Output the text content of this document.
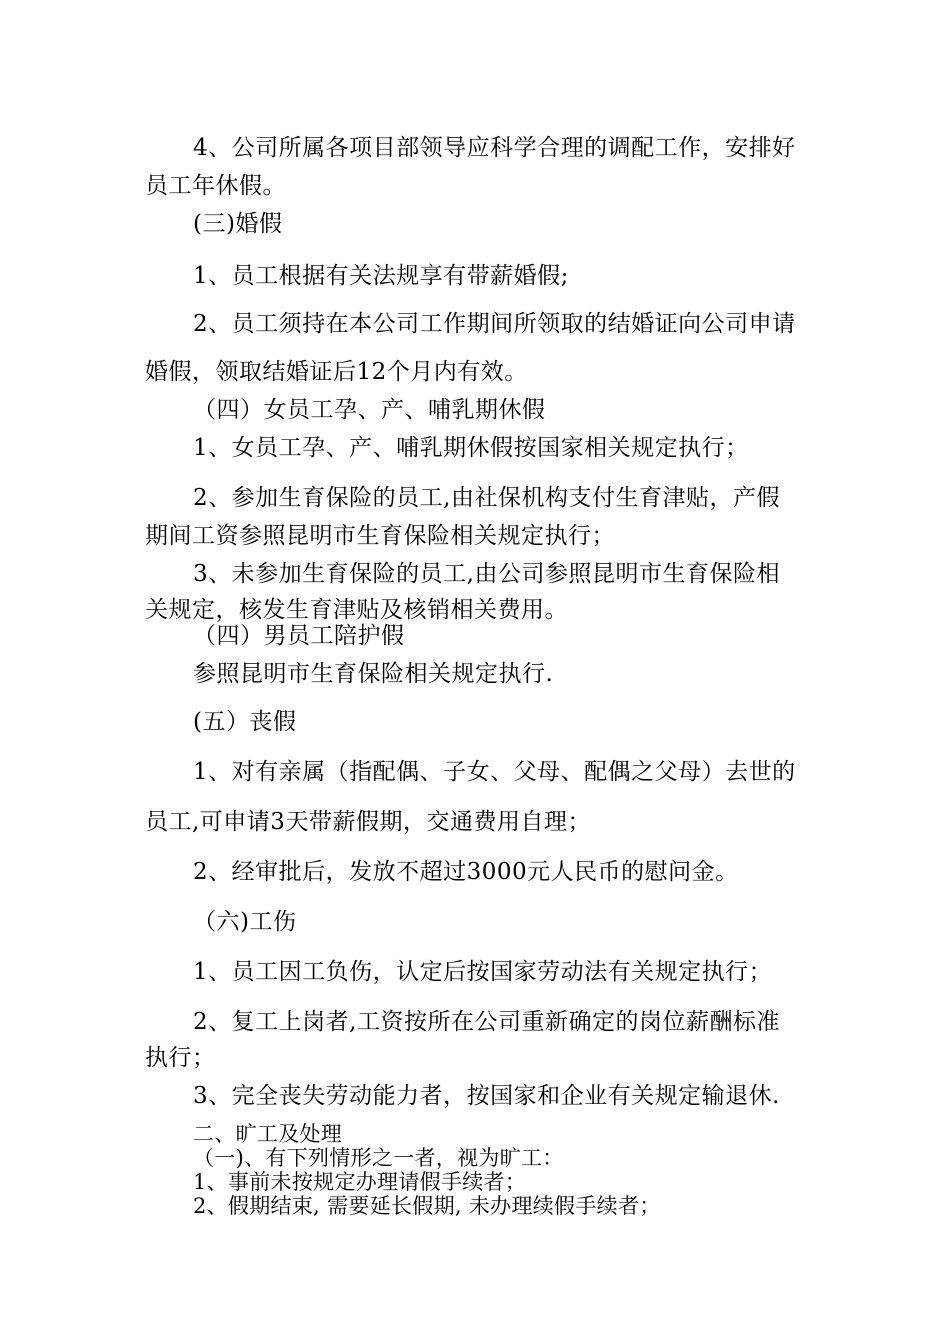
4、公司所属各项目部领导应科学合理的调配工作，安排好
员工年休假。
(三)婚假
1、员工根据有关法规享有带薪婚假;
2、员工须持在本公司工作期间所领取的结婚证向公司申请
婚假，领取结婚证后12个月内有效。
（四）女员工孕、产、哺乳期休假
1、女员工孕、产、哺乳期休假按国家相关规定执行；
2、参加生育保险的员工,由社保机构支付生育津贴，产假
期间工资参照昆明市生育保险相关规定执行；
3、未参加生育保险的员工,由公司参照昆明市生育保险相
关规定，核发生育津贴及核销相关费用。
（四）男员工陪护假
参照昆明市生育保险相关规定执行.
(五）丧假
1、对有亲属（指配偶、子女、父母、配偶之父母）去世的
员工,可申请3天带薪假期，交通费用自理；
2、经审批后，发放不超过3000元人民币的慰问金。
（六)工伤
1、员工因工负伤，认定后按国家劳动法有关规定执行；
2、复工上岗者,工资按所在公司重新确定的岗位薪酬标准
执行；
3、完全丧失劳动能力者，按国家和企业有关规定输退休.
二、旷工及处理
（一)、有下列情形之一者，视为旷工：
1、事前未按规定办理请假手续者；
2、假期结束, 需要延长假期, 未办理续假手续者；
